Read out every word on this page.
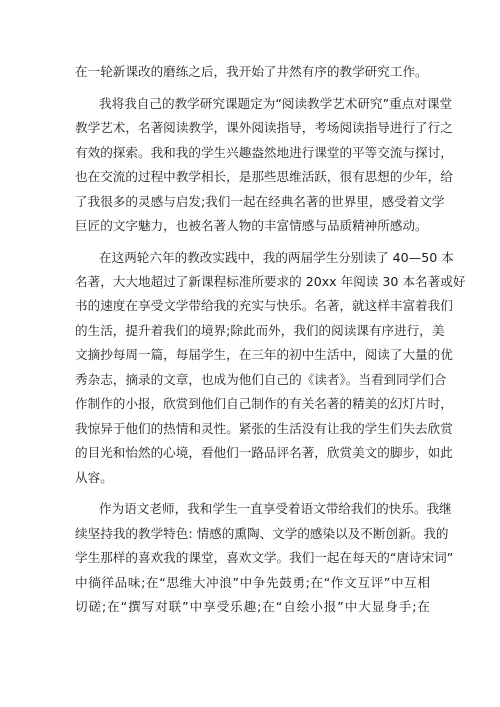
在一轮新课改的磨练之后，我开始了井然有序的教学研究工作。
我将我自己的教学研究课题定为“阅读教学艺术研究”重点对课堂
教学艺术，名著阅读教学，课外阅读指导，考场阅读指导进行了行之
有效的探索。我和我的学生兴趣盎然地进行课堂的平等交流与探讨，
也在交流的过程中教学相长，是那些思维活跃，很有思想的少年，给
了我很多的灵感与启发;我们一起在经典名著的世界里，感受着文学
巨匠的文字魅力，也被名著人物的丰富情感与品质精神所感动。
在这两轮六年的教改实践中，我的两届学生分别读了 40—50 本
名著，大大地超过了新课程标准所要求的 20xx 年阅读 30 本名著或好
书的速度在享受文学带给我的充实与快乐。名著，就这样丰富着我们
的生活，提升着我们的境界;除此而外，我们的阅读课有序进行，美
文摘抄每周一篇，每届学生，在三年的初中生活中，阅读了大量的优
秀杂志，摘录的文章，也成为他们自己的《读者》。当看到同学们合
作制作的小报，欣赏到他们自己制作的有关名著的精美的幻灯片时，
我惊异于他们的热情和灵性。紧张的生活没有让我的学生们失去欣赏
的目光和怡然的心境，看他们一路品评名著，欣赏美文的脚步，如此
从容。
作为语文老师，我和学生一直享受着语文带给我们的快乐。我继
续坚持我的教学特色: 情感的熏陶、文学的感染以及不断创新。我的
学生那样的喜欢我的课堂，喜欢文学。我们一起在每天的“唐诗宋词”
中徜徉品味;在“思维大冲浪”中争先鼓勇;在“作文互评”中互相
切磋;在“撰写对联”中享受乐趣;在“自绘小报”中大显身手;在
